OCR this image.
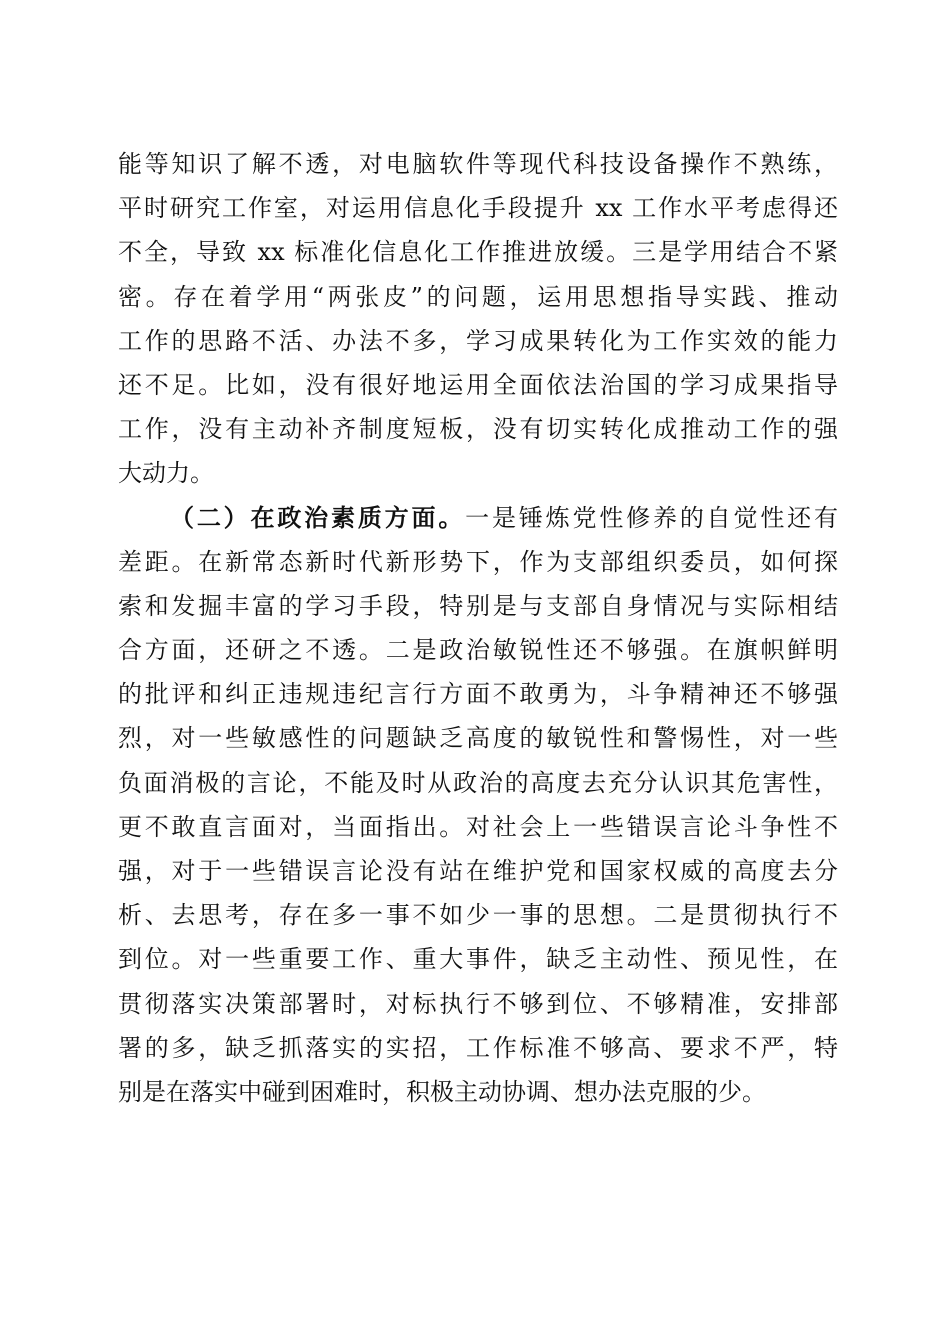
能等知识了解不透，对电脑软件等现代科技设备操作不熟练，
平时研究工作室，对运用信息化手段提升 xx 工作水平考虑得还
不全，导致 xx 标准化信息化工作推进放缓。三是学用结合不紧
密。存在着学用“两张皮”的问题，运用思想指导实践、推动
工作的思路不活、办法不多，学习成果转化为工作实效的能力
还不足。比如，没有很好地运用全面依法治国的学习成果指导
工作，没有主动补齐制度短板，没有切实转化成推动工作的强
大动力。
（二）在政治素质方面。一是锤炼党性修养的自觉性还有
差距。在新常态新时代新形势下，作为支部组织委员，如何探
索和发掘丰富的学习手段，特别是与支部自身情况与实际相结
合方面，还研之不透。二是政治敏锐性还不够强。在旗帜鲜明
的批评和纠正违规违纪言行方面不敢勇为，斗争精神还不够强
烈，对一些敏感性的问题缺乏高度的敏锐性和警惕性，对一些
负面消极的言论，不能及时从政治的高度去充分认识其危害性，
更不敢直言面对，当面指出。对社会上一些错误言论斗争性不
强，对于一些错误言论没有站在维护党和国家权威的高度去分
析、去思考，存在多一事不如少一事的思想。二是贯彻执行不
到位。对一些重要工作、重大事件，缺乏主动性、预见性，在
贯彻落实决策部署时，对标执行不够到位、不够精准，安排部
署的多，缺乏抓落实的实招，工作标准不够高、要求不严，特
别是在落实中碰到困难时，积极主动协调、想办法克服的少。
